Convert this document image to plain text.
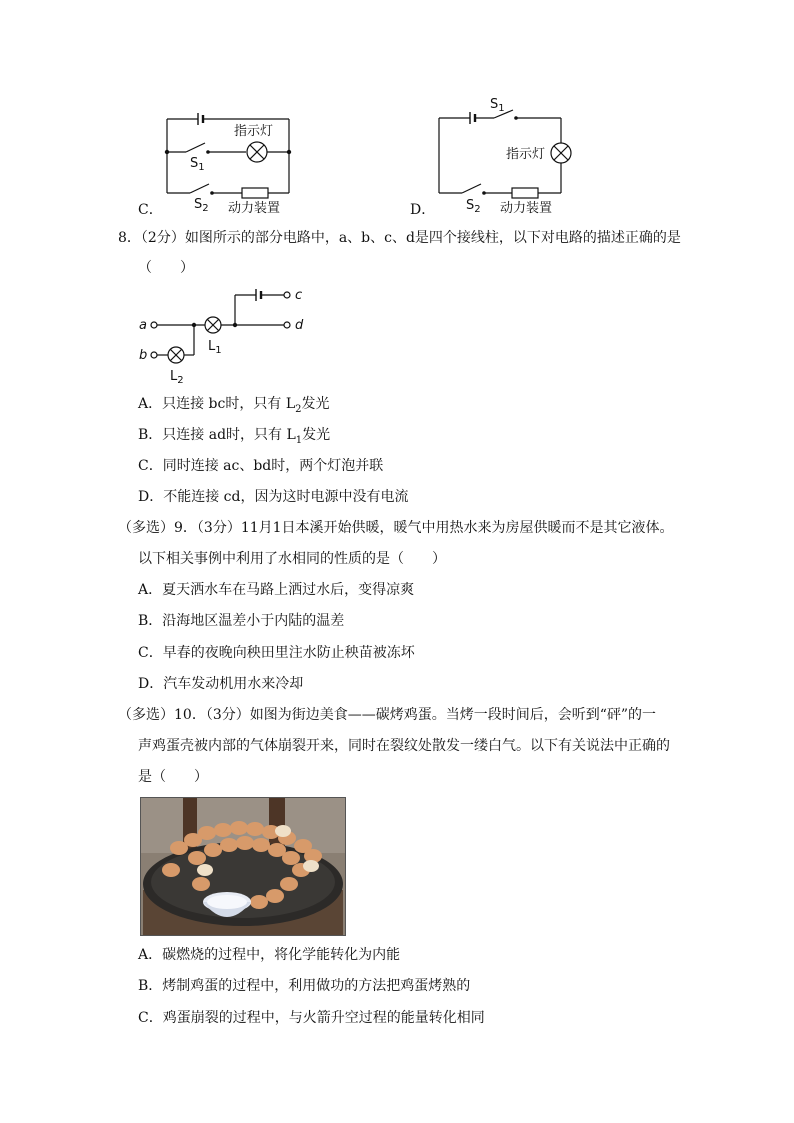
C．
指示灯
$S_1$
$S_2$ 动力装置	D．
$S_1$
指示灯
$S_2$ 动力装置
8．（2分）如图所示的部分电路中，a、b、c、d是四个接线柱，以下对电路的描述正确的是
（　　）
a
b
c
d
$L_1$
$L_2$
A．只连接 bc时，只有 $L_2$发光
B．只连接 ad时，只有 $L_1$发光
C．同时连接 ac、bd时，两个灯泡并联
D．不能连接 cd，因为这时电源中没有电流
（多选）9．（3分）11月1日本溪开始供暖，暖气中用热水来为房屋供暖而不是其它液体。
以下相关事例中利用了水相同的性质的是（　　）
A．夏天洒水车在马路上洒过水后，变得凉爽
B．沿海地区温差小于内陆的温差
C．早春的夜晚向秧田里注水防止秧苗被冻坏
D．汽车发动机用水来冷却
（多选）10．（3分）如图为街边美食——碳烤鸡蛋。当烤一段时间后，会听到“砰”的一
声鸡蛋壳被内部的气体崩裂开来，同时在裂纹处散发一缕白气。以下有关说法中正确的
是（　　）
A．碳燃烧的过程中，将化学能转化为内能
B．烤制鸡蛋的过程中，利用做功的方法把鸡蛋烤熟的
C．鸡蛋崩裂的过程中，与火箭升空过程的能量转化相同
